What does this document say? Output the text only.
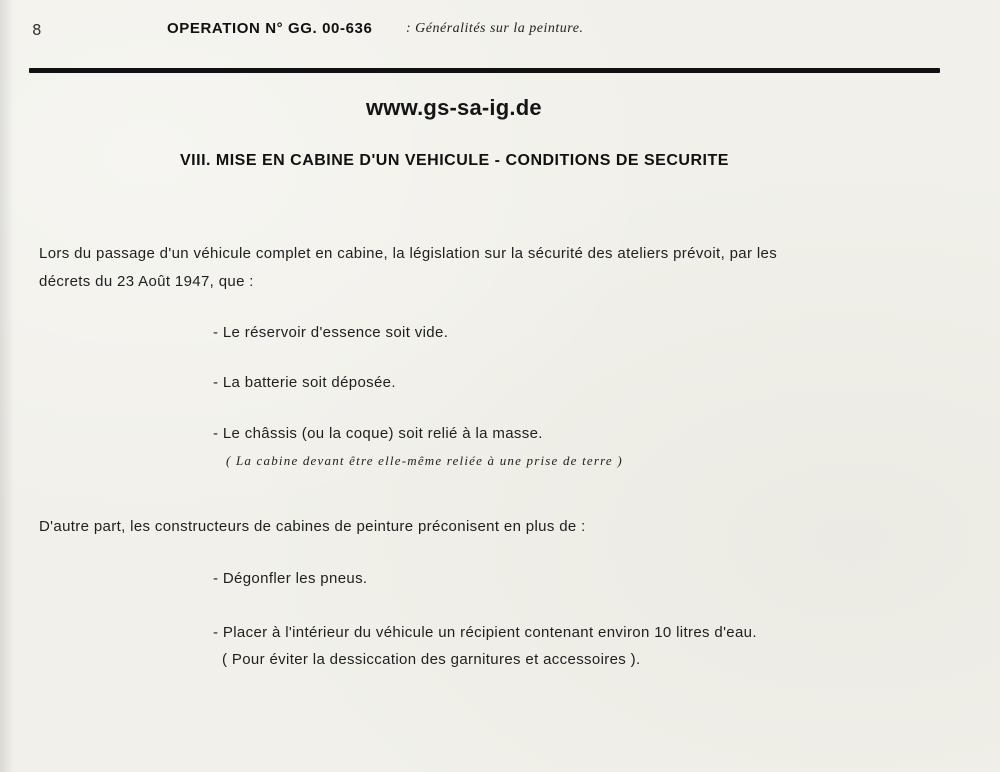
8	OPERATION N° GG. 00-636 : Généralités sur la peinture.
www.gs-sa-ig.de
VIII. MISE EN CABINE D'UN VEHICULE - CONDITIONS DE SECURITE
Lors du passage d'un véhicule complet en cabine, la législation sur la sécurité des ateliers prévoit, par les
décrets du 23 Août 1947, que :
- Le réservoir d'essence soit vide.
- La batterie soit déposée.
- Le châssis (ou la coque) soit relié à la masse.
( La cabine devant être elle-même reliée à une prise de terre )
D'autre part, les constructeurs de cabines de peinture préconisent en plus de :
- Dégonfler les pneus.
- Placer à l'intérieur du véhicule un récipient contenant environ 10 litres d'eau.
( Pour éviter la dessiccation des garnitures et accessoires ).
